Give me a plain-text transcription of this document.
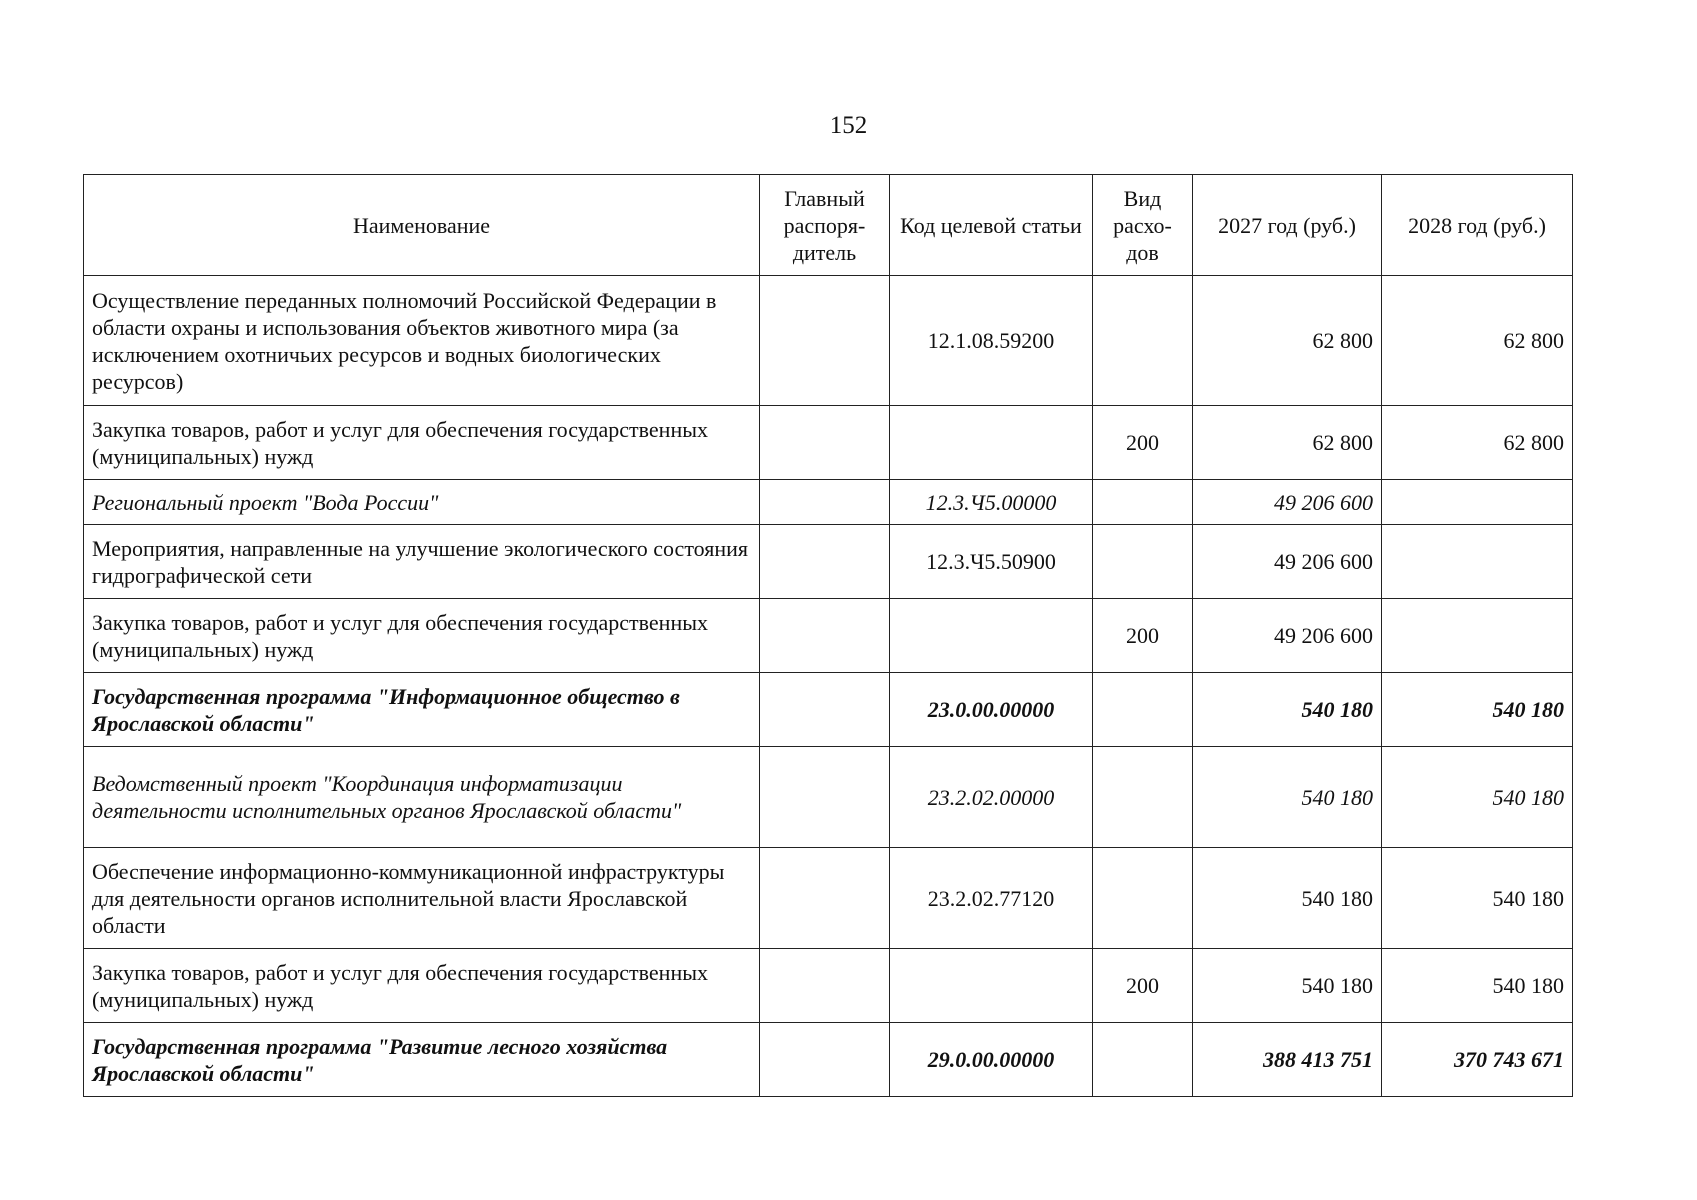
152
Наименование	Главный распоря-дитель	Код целевой статьи	Вид расхо-дов	2027 год (руб.)	2028 год (руб.)
Осуществление переданных полномочий Российской Федерации в области охраны и использования объектов животного мира (за исключением охотничьих ресурсов и водных биологических ресурсов)		12.1.08.59200		62 800	62 800
Закупка товаров, работ и услуг для обеспечения государственных (муниципальных) нужд			200	62 800	62 800
Региональный проект "Вода России"		12.3.Ч5.00000		49 206 600	
Мероприятия, направленные на улучшение экологического состояния гидрографической сети		12.3.Ч5.50900		49 206 600	
Закупка товаров, работ и услуг для обеспечения государственных (муниципальных) нужд			200	49 206 600	
Государственная программа "Информационное общество в Ярославской области"		23.0.00.00000		540 180	540 180
Ведомственный проект "Координация информатизации деятельности исполнительных органов Ярославской области"		23.2.02.00000		540 180	540 180
Обеспечение информационно-коммуникационной инфраструктуры для деятельности органов исполнительной власти Ярославской области		23.2.02.77120		540 180	540 180
Закупка товаров, работ и услуг для обеспечения государственных (муниципальных) нужд			200	540 180	540 180
Государственная программа "Развитие лесного хозяйства Ярославской области"		29.0.00.00000		388 413 751	370 743 671
